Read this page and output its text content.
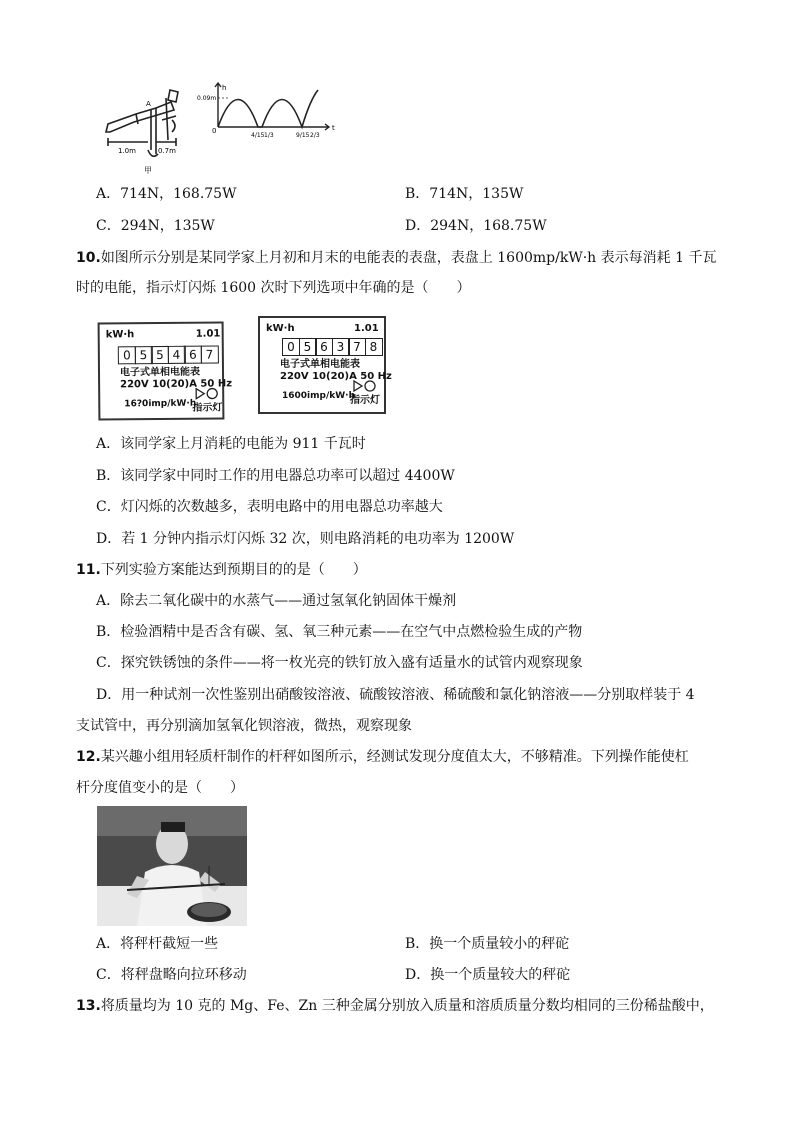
A
1.0m	0.7m
甲
h
t
0.09m
0
4/15 1/3	9/15 2/3
A．714N，168.75W	B．714N，135W
C．294N，135W	D．294N，168.75W
10.如图所示分别是某同学家上月初和月末的电能表的表盘，表盘上 1600mp/kW·h 表示每消耗 1 千瓦
时的电能，指示灯闪烁 1600 次时下列选项中年确的是（　　）
kW·h	1.01
0 5 5 4 6 7
电子式单相电能表
220V 10(20)A 50 Hz
16?0imp/kW·h
指示灯
kW·h	1.01
0 5 6 3 7 8
电子式单相电能表
220V 10(20)A 50 Hz
1600imp/kW·h
指示灯
A．该同学家上月消耗的电能为 911 千瓦时
B．该同学家中同时工作的用电器总功率可以超过 4400W
C．灯闪烁的次数越多，表明电路中的用电器总功率越大
D．若 1 分钟内指示灯闪烁 32 次，则电路消耗的电功率为 1200W
11.下列实验方案能达到预期目的的是（　　）
A．除去二氧化碳中的水蒸气——通过氢氧化钠固体干燥剂
B．检验酒精中是否含有碳、氢、氧三种元素——在空气中点燃检验生成的产物
C．探究铁锈蚀的条件——将一枚光亮的铁钉放入盛有适量水的试管内观察现象
D．用一种试剂一次性鉴别出硝酸铵溶液、硫酸铵溶液、稀硫酸和氯化钠溶液——分别取样装于 4
支试管中，再分别滴加氢氧化钡溶液，微热，观察现象
12.某兴趣小组用轻质杆制作的杆秤如图所示，经测试发现分度值太大，不够精准。下列操作能使杠
杆分度值变小的是（　　）
A．将秤杆截短一些	B．换一个质量较小的秤砣
C．将秤盘略向拉环移动	D．换一个质量较大的秤砣
13.将质量均为 10 克的 Mg、Fe、Zn 三种金属分别放入质量和溶质质量分数均相同的三份稀盐酸中，
